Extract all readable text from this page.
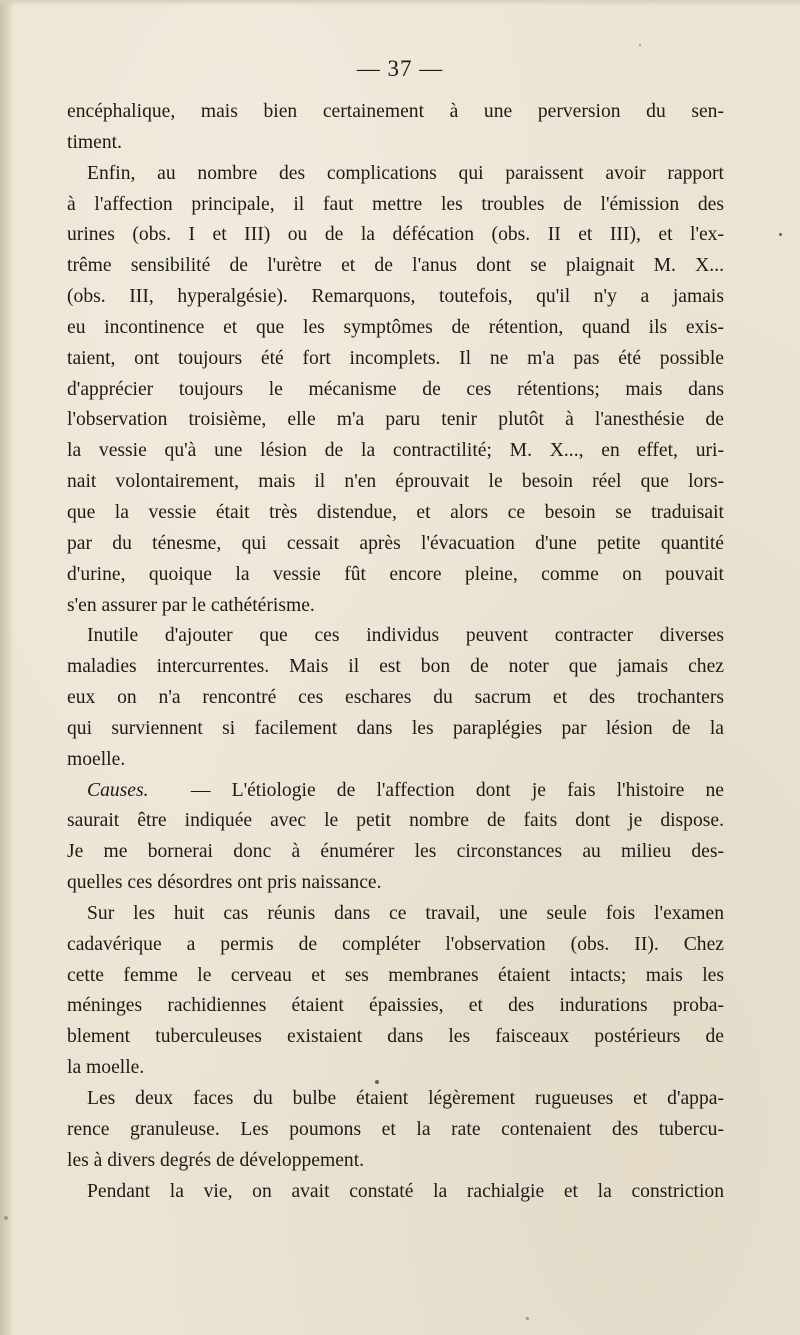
— 37 —
encéphalique, mais bien certainement à une perversion du sen-
timent.
Enfin, au nombre des complications qui paraissent avoir rapport
à l'affection principale, il faut mettre les troubles de l'émission des
urines (obs. I et III) ou de la défécation (obs. II et III), et l'ex-
trême sensibilité de l'urètre et de l'anus dont se plaignait M. X...
(obs. III, hyperalgésie). Remarquons, toutefois, qu'il n'y a jamais
eu incontinence et que les symptômes de rétention, quand ils exis-
taient, ont toujours été fort incomplets. Il ne m'a pas été possible
d'apprécier toujours le mécanisme de ces rétentions; mais dans
l'observation troisième, elle m'a paru tenir plutôt à l'anesthésie de
la vessie qu'à une lésion de la contractilité; M. X..., en effet, uri-
nait volontairement, mais il n'en éprouvait le besoin réel que lors-
que la vessie était très distendue, et alors ce besoin se traduisait
par du ténesme, qui cessait après l'évacuation d'une petite quantité
d'urine, quoique la vessie fût encore pleine, comme on pouvait
s'en assurer par le cathétérisme.
Inutile d'ajouter que ces individus peuvent contracter diverses
maladies intercurrentes. Mais il est bon de noter que jamais chez
eux on n'a rencontré ces eschares du sacrum et des trochanters
qui surviennent si facilement dans les paraplégies par lésion de la
moelle.
Causes. — L'étiologie de l'affection dont je fais l'histoire ne
saurait être indiquée avec le petit nombre de faits dont je dispose.
Je me bornerai donc à énumérer les circonstances au milieu des-
quelles ces désordres ont pris naissance.
Sur les huit cas réunis dans ce travail, une seule fois l'examen
cadavérique a permis de compléter l'observation (obs. II). Chez
cette femme le cerveau et ses membranes étaient intacts; mais les
méninges rachidiennes étaient épaissies, et des indurations proba-
blement tuberculeuses existaient dans les faisceaux postérieurs de
la moelle.
Les deux faces du bulbe étaient légèrement rugueuses et d'appa-
rence granuleuse. Les poumons et la rate contenaient des tubercu-
les à divers degrés de développement.
Pendant la vie, on avait constaté la rachialgie et la constriction
